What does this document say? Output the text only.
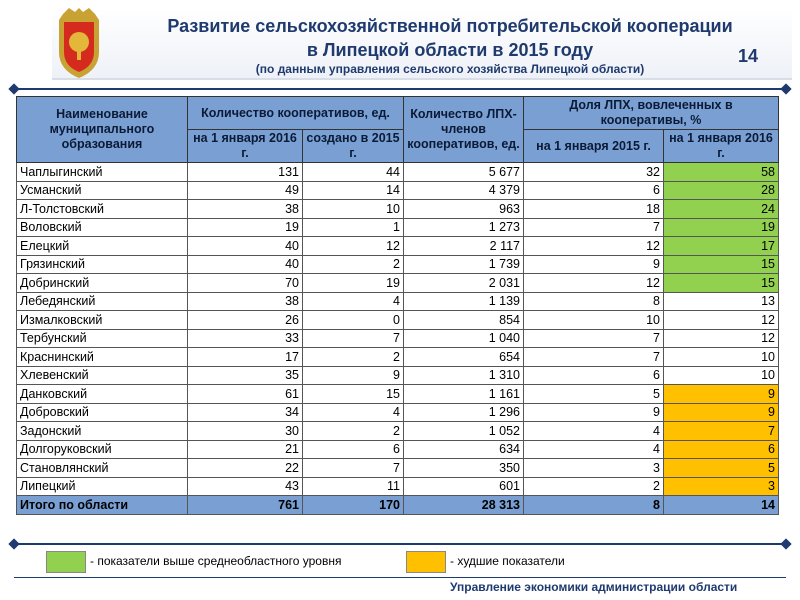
Развитие сельскохозяйственной потребительской кооперации
в Липецкой области в 2015 году
(по данным управления сельского хозяйства Липецкой области)
14
Наименование муниципального образования	Количество кооперативов, ед.		Количество ЛПХ-членов кооперативов, ед.	Доля ЛПХ, вовлеченных в кооперативы, %	
	на 1 января 2016 г.	создано в 2015 г.		на 1 января 2015 г.	на 1 января 2016 г.
Чаплыгинский	131	44	5 677	32	58
Усманский	49	14	4 379	6	28
Л-Толстовский	38	10	963	18	24
Воловский	19	1	1 273	7	19
Елецкий	40	12	2 117	12	17
Грязинский	40	2	1 739	9	15
Добринский	70	19	2 031	12	15
Лебедянский	38	4	1 139	8	13
Измалковский	26	0	854	10	12
Тербунский	33	7	1 040	7	12
Краснинский	17	2	654	7	10
Хлевенский	35	9	1 310	6	10
Данковский	61	15	1 161	5	9
Добровский	34	4	1 296	9	9
Задонский	30	2	1 052	4	7
Долгоруковский	21	6	634	4	6
Становлянский	22	7	350	3	5
Липецкий	43	11	601	2	3
Итого по области	761	170	28 313	8	14
- показатели выше среднеобластного уровня	- худшие показатели
Управление экономики администрации области
